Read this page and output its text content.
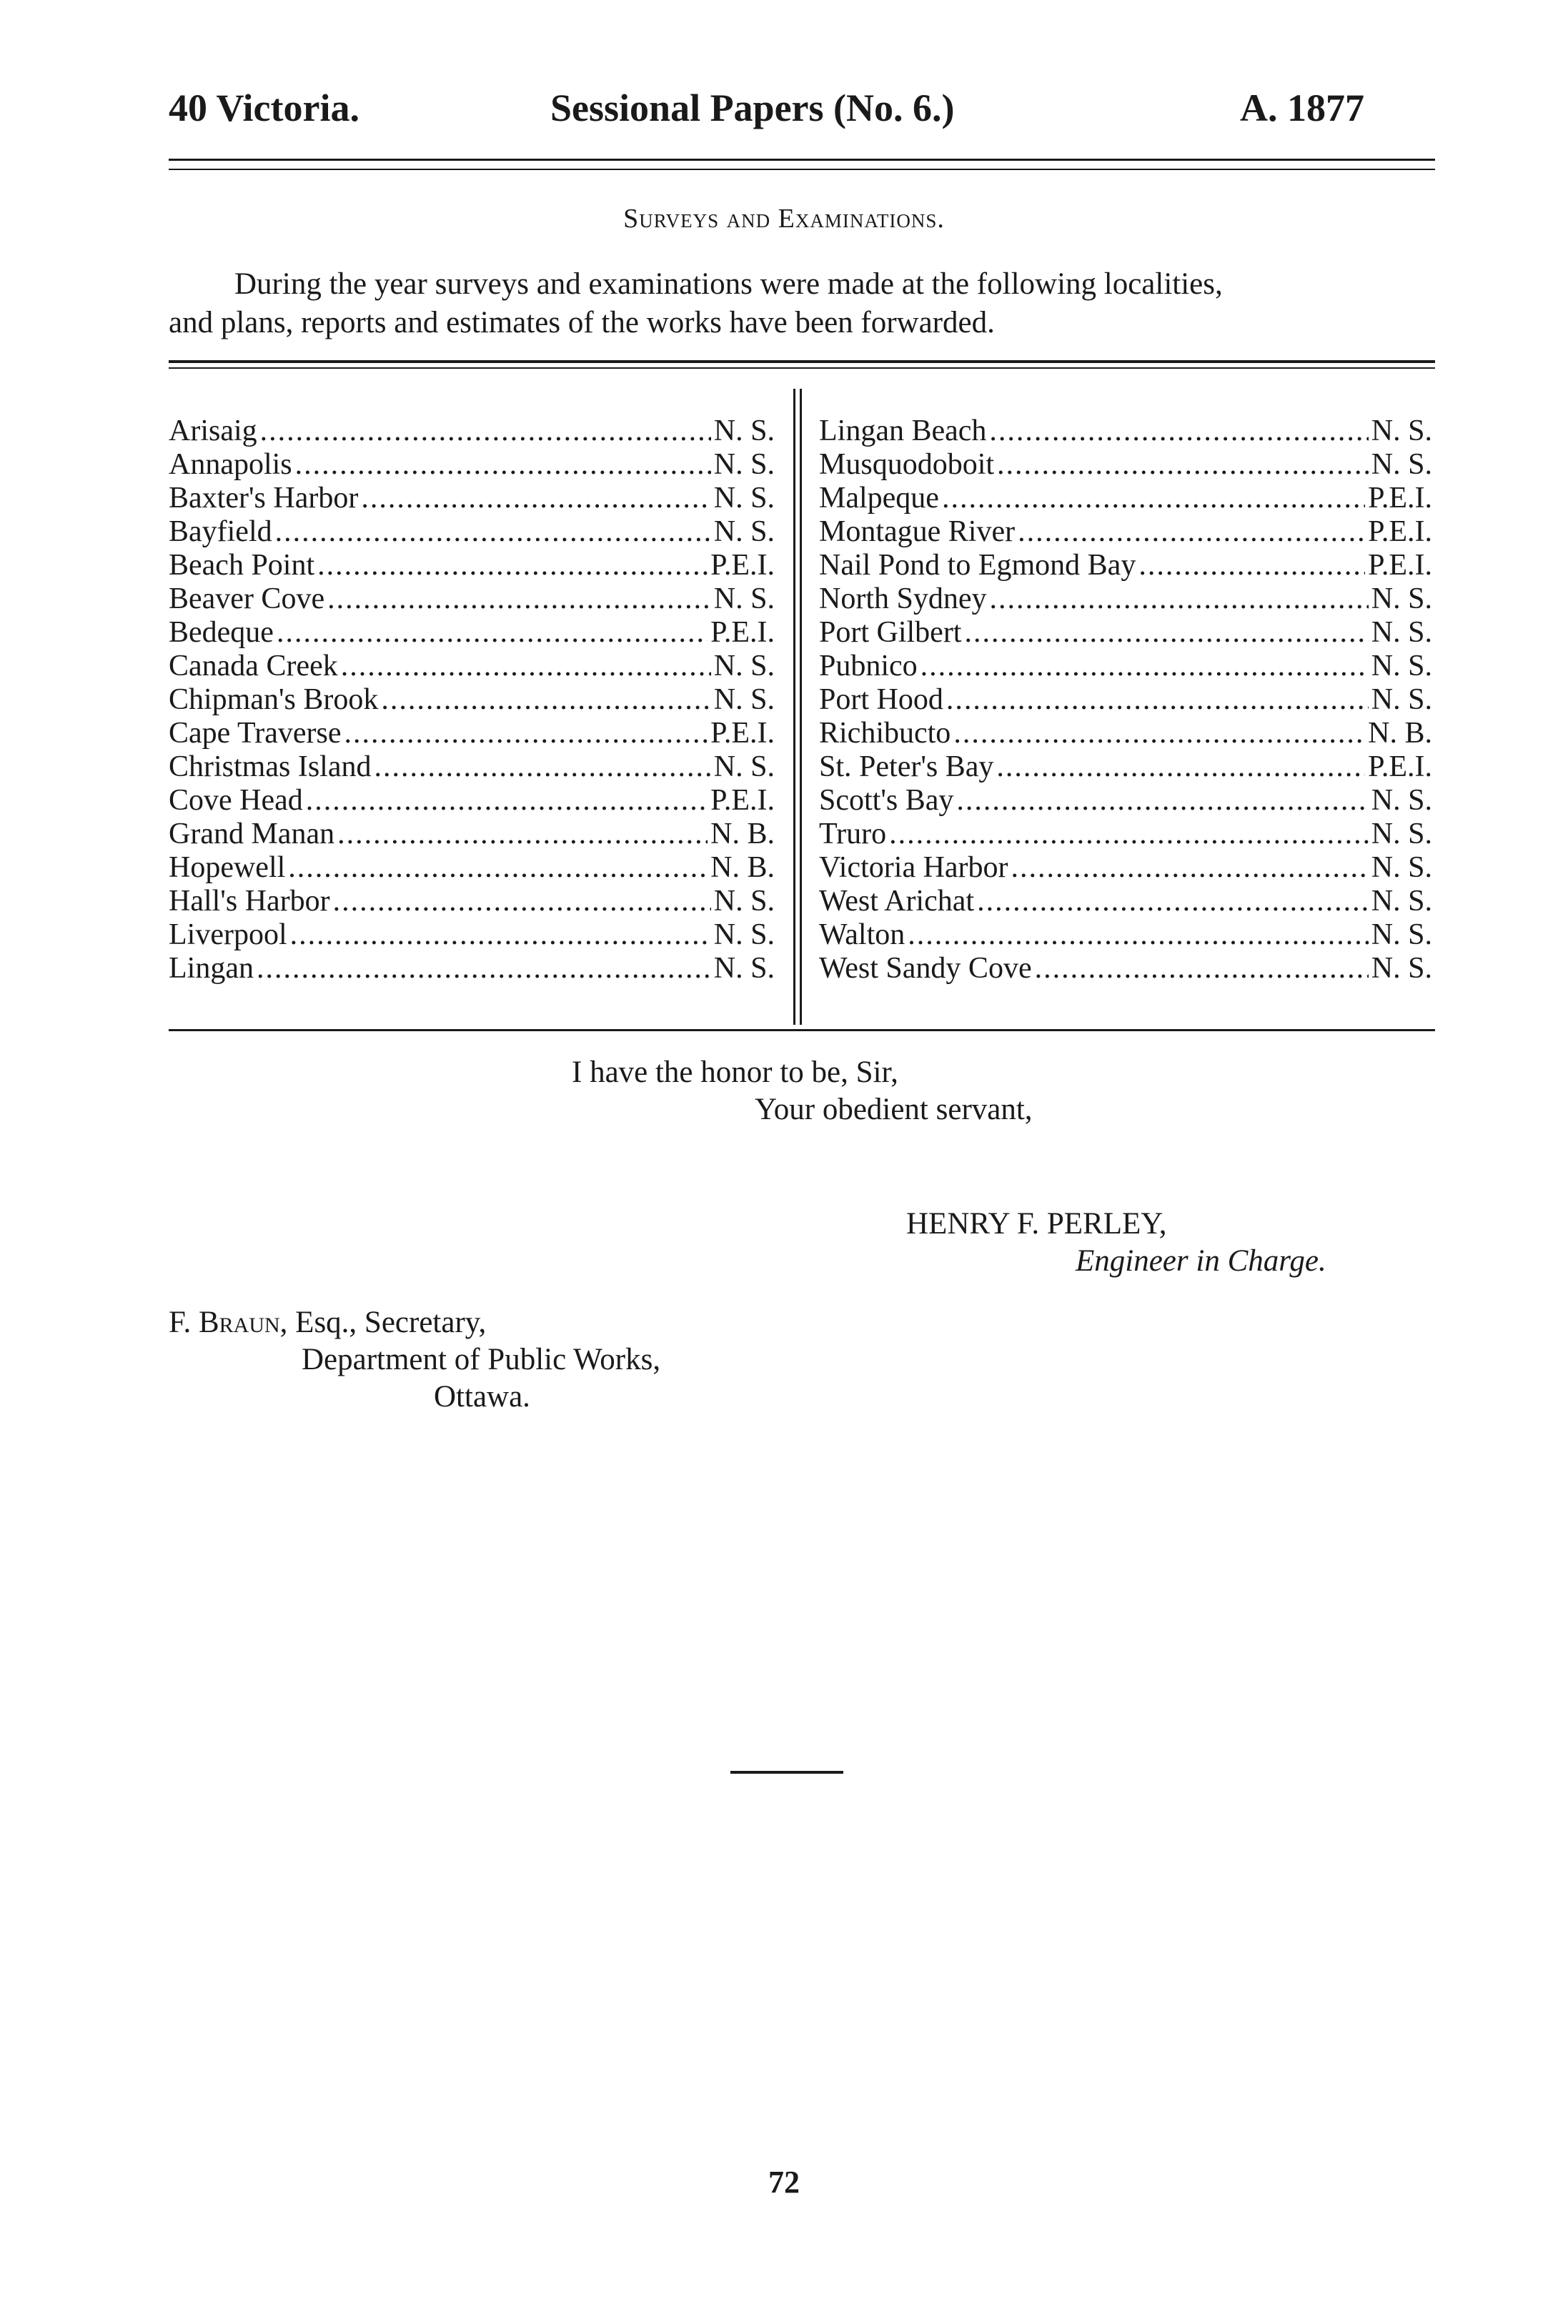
40 Victoria.	Sessional Papers (No. 6.)	A. 1877
Surveys and Examinations.
During the year surveys and examinations were made at the following localities,
and plans, reports and estimates of the works have been forwarded.
Arisaig .....	N. S.
Annapolis .....	N. S.
Baxter's Harbor .....	N. S.
Bayfield .....	N. S.
Beach Point .....	P.E.I.
Beaver Cove .....	N. S.
Bedeque .....	P.E.I.
Canada Creek .....	N. S.
Chipman's Brook .....	N. S.
Cape Traverse .....	P.E.I.
Christmas Island .....	N. S.
Cove Head .....	P.E.I.
Grand Manan .....	N. B.
Hopewell .....	N. B.
Hall's Harbor .....	N. S.
Liverpool .....	N. S.
Lingan .....	N. S.
Lingan Beach .....	N. S.
Musquodoboit .....	N. S.
Malpeque .....	P.E.I.
Montague River .....	P.E.I.
Nail Pond to Egmond Bay .....	P.E.I.
North Sydney .....	N. S.
Port Gilbert .....	N. S.
Pubnico .....	N. S.
Port Hood .....	N. S.
Richibucto .....	N. B.
St. Peter's Bay .....	P.E.I.
Scott's Bay .....	N. S.
Truro .....	N. S.
Victoria Harbor .....	N. S.
West Arichat .....	N. S.
Walton .....	N. S.
West Sandy Cove .....	N. S.
I have the honor to be, Sir,
Your obedient servant,
HENRY F. PERLEY,
Engineer in Charge.
F. Braun, Esq., Secretary,
Department of Public Works,
Ottawa.
72
